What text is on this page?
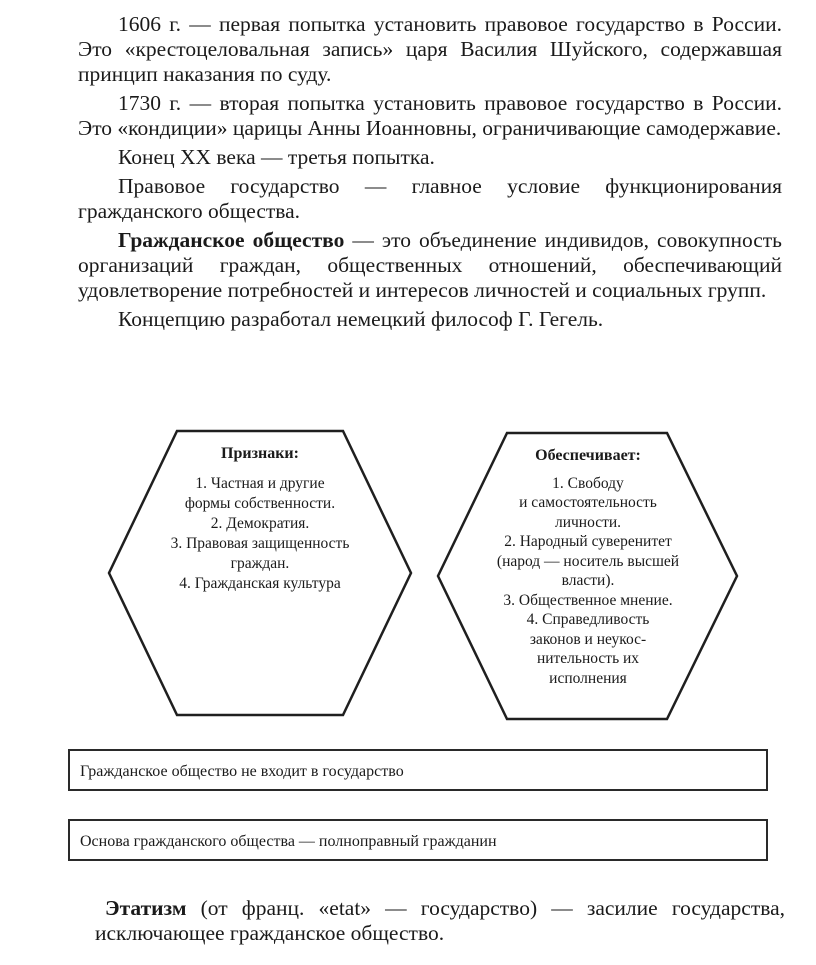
1606 г. — первая попытка установить правовое государство в России. Это «крестоцеловальная запись» царя Василия Шуйского, содержавшая принцип наказания по суду.

1730 г. — вторая попытка установить правовое государство в России. Это «кондиции» царицы Анны Иоанновны, ограничивающие самодержавие.

Конец XX века — третья попытка.

Правовое государство — главное условие функционирования гражданского общества.

Гражданское общество — это объединение индивидов, совокупность организаций граждан, общественных отношений, обеспечивающий удовлетворение потребностей и интересов личностей и социальных групп.

Концепцию разработал немецкий философ Г. Гегель.

Признаки:
1. Частная и другие
формы собственности.
2. Демократия.
3. Правовая защищенность
граждан.
4. Гражданская культура
Обеспечивает:
1. Свободу
и самостоятельность
личности.
2. Народный суверенитет
(народ — носитель высшей
власти).
3. Общественное мнение.
4. Справедливость
законов и неукос-
нительность их
исполнения
Гражданское общество не входит в государство
Основа гражданского общества — полноправный гражданин

Этатизм (от франц. «etat» — государство) — засилие государства, исключающее гражданское общество.
